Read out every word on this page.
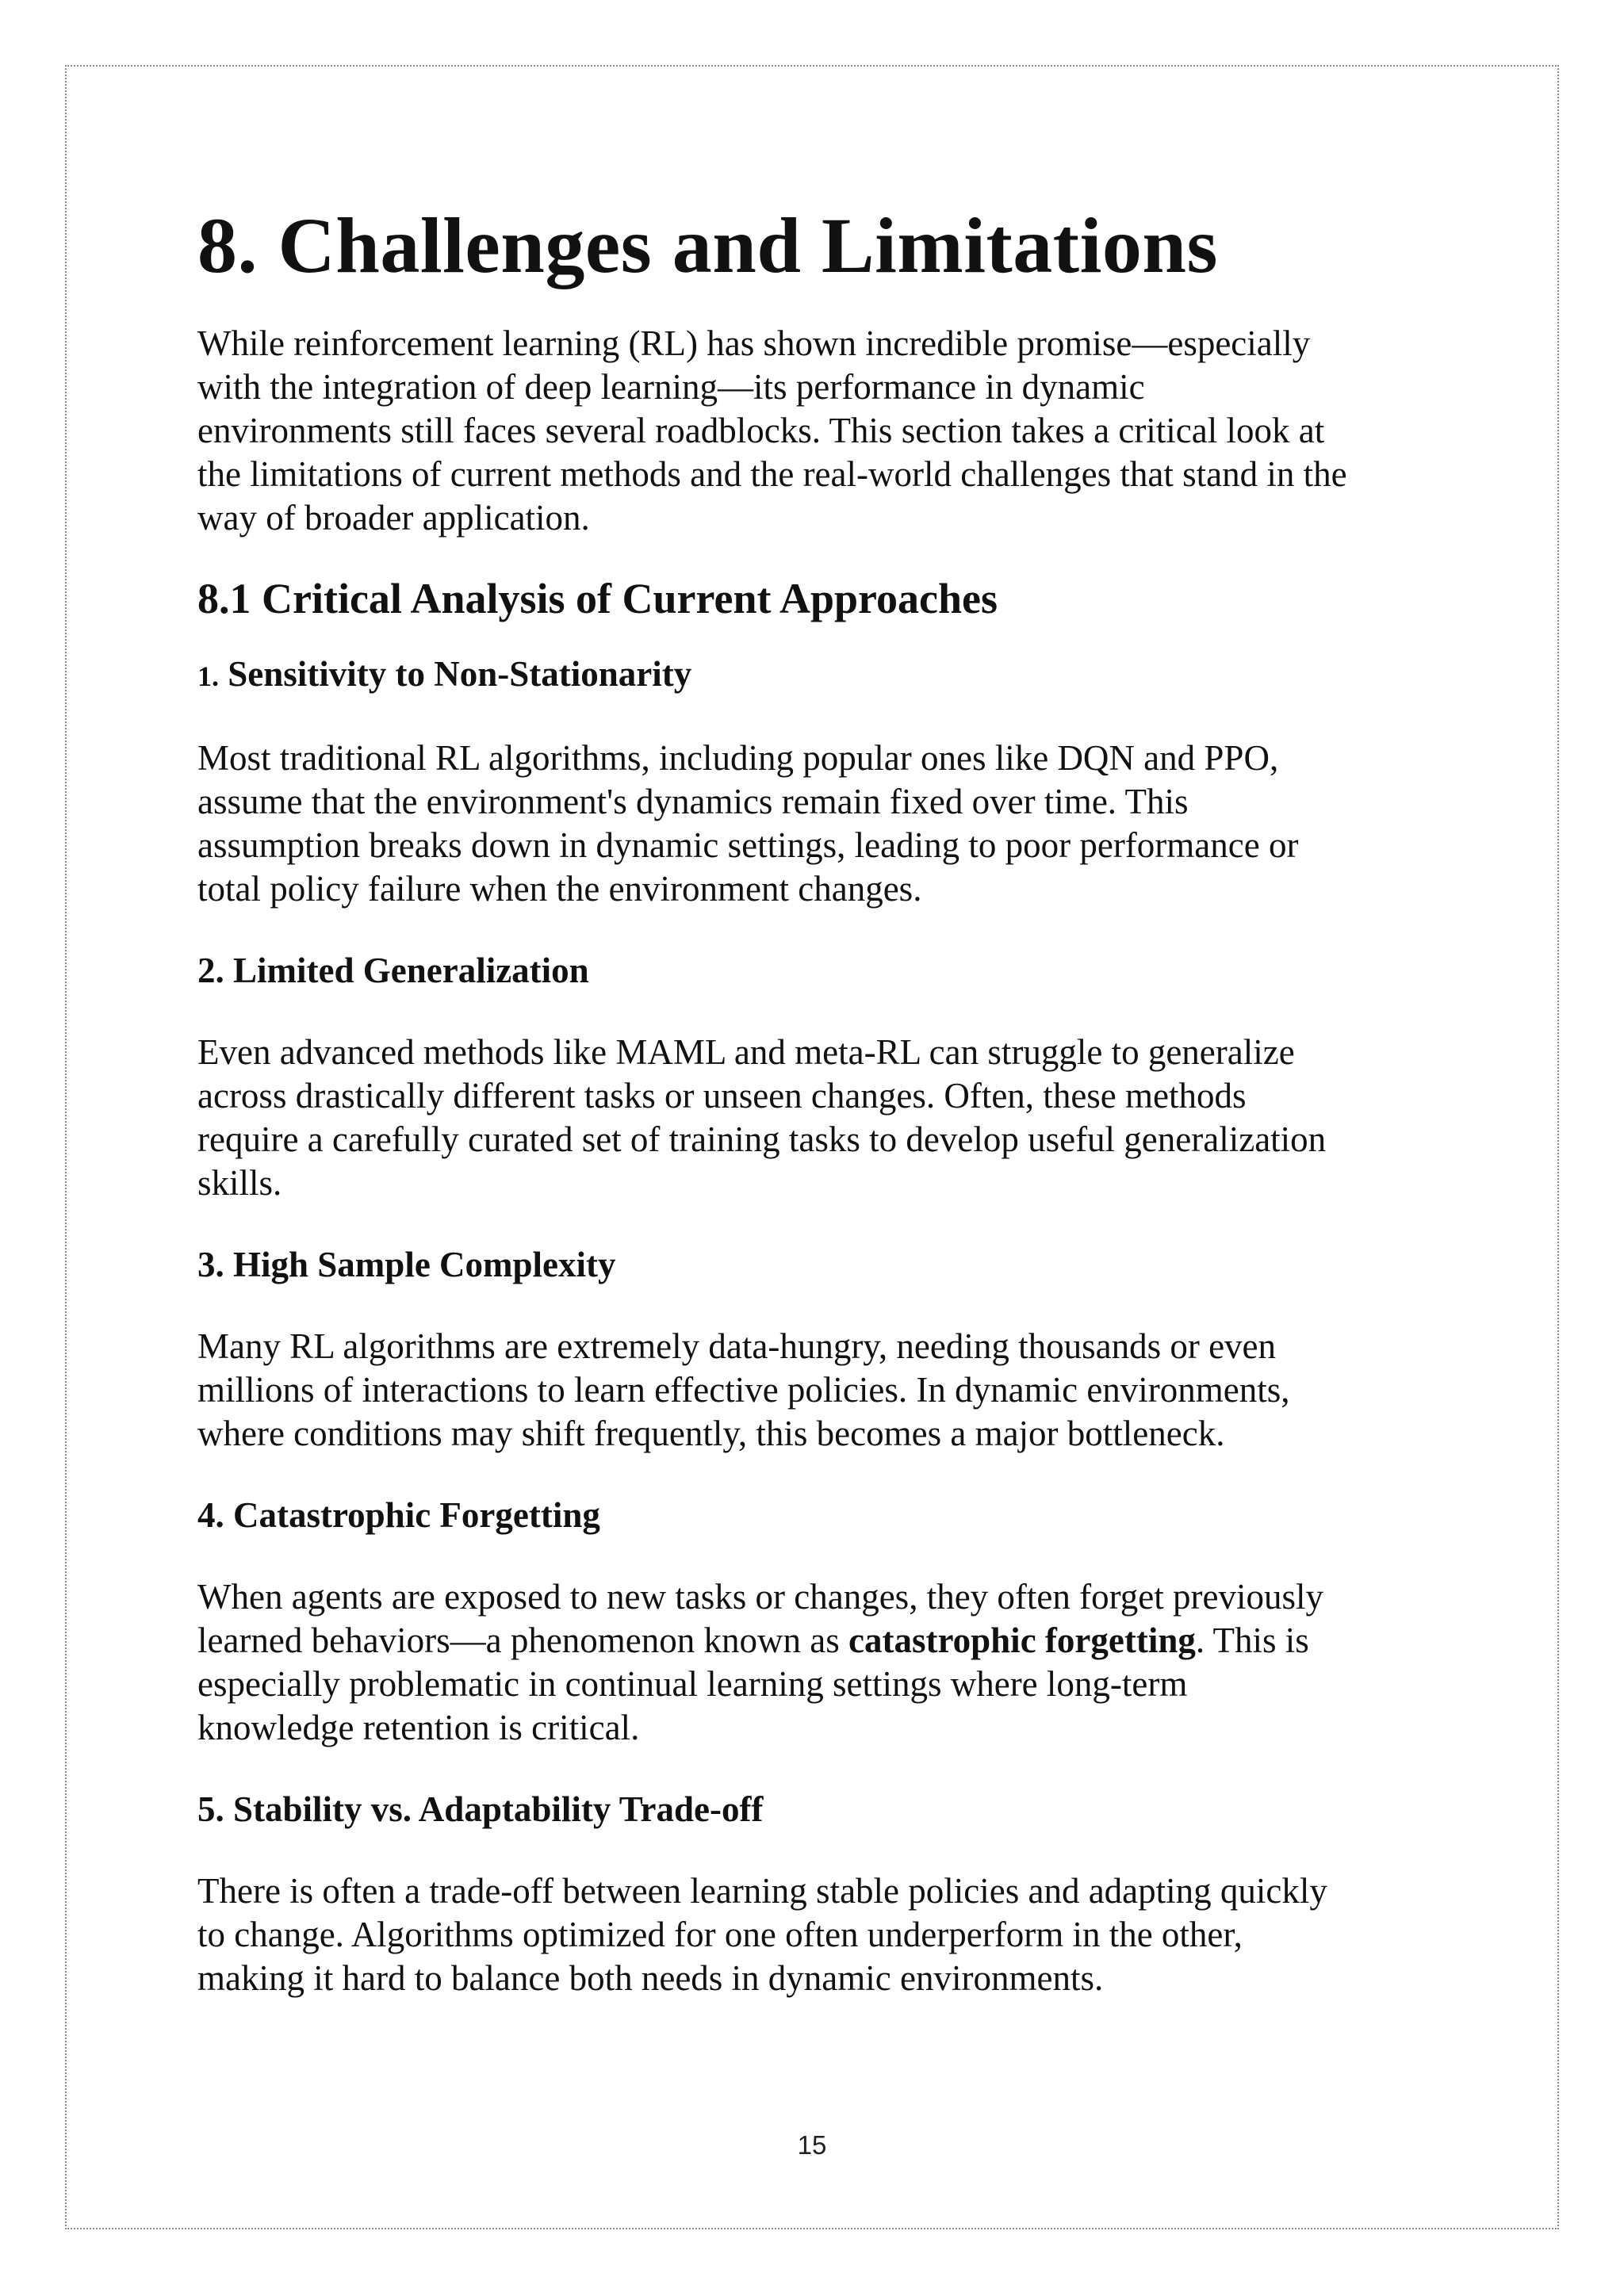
8. Challenges and Limitations

While reinforcement learning (RL) has shown incredible promise—especially
with the integration of deep learning—its performance in dynamic
environments still faces several roadblocks. This section takes a critical look at
the limitations of current methods and the real-world challenges that stand in the
way of broader application.

8.1 Critical Analysis of Current Approaches
1. Sensitivity to Non-Stationarity

Most traditional RL algorithms, including popular ones like DQN and PPO,
assume that the environment's dynamics remain fixed over time. This
assumption breaks down in dynamic settings, leading to poor performance or
total policy failure when the environment changes.

2. Limited Generalization

Even advanced methods like MAML and meta-RL can struggle to generalize
across drastically different tasks or unseen changes. Often, these methods
require a carefully curated set of training tasks to develop useful generalization
skills.

3. High Sample Complexity

Many RL algorithms are extremely data-hungry, needing thousands or even
millions of interactions to learn effective policies. In dynamic environments,
where conditions may shift frequently, this becomes a major bottleneck.

4. Catastrophic Forgetting

When agents are exposed to new tasks or changes, they often forget previously
learned behaviors—a phenomenon known as catastrophic forgetting. This is
especially problematic in continual learning settings where long-term
knowledge retention is critical.

5. Stability vs. Adaptability Trade-off

There is often a trade-off between learning stable policies and adapting quickly
to change. Algorithms optimized for one often underperform in the other,
making it hard to balance both needs in dynamic environments.

15
